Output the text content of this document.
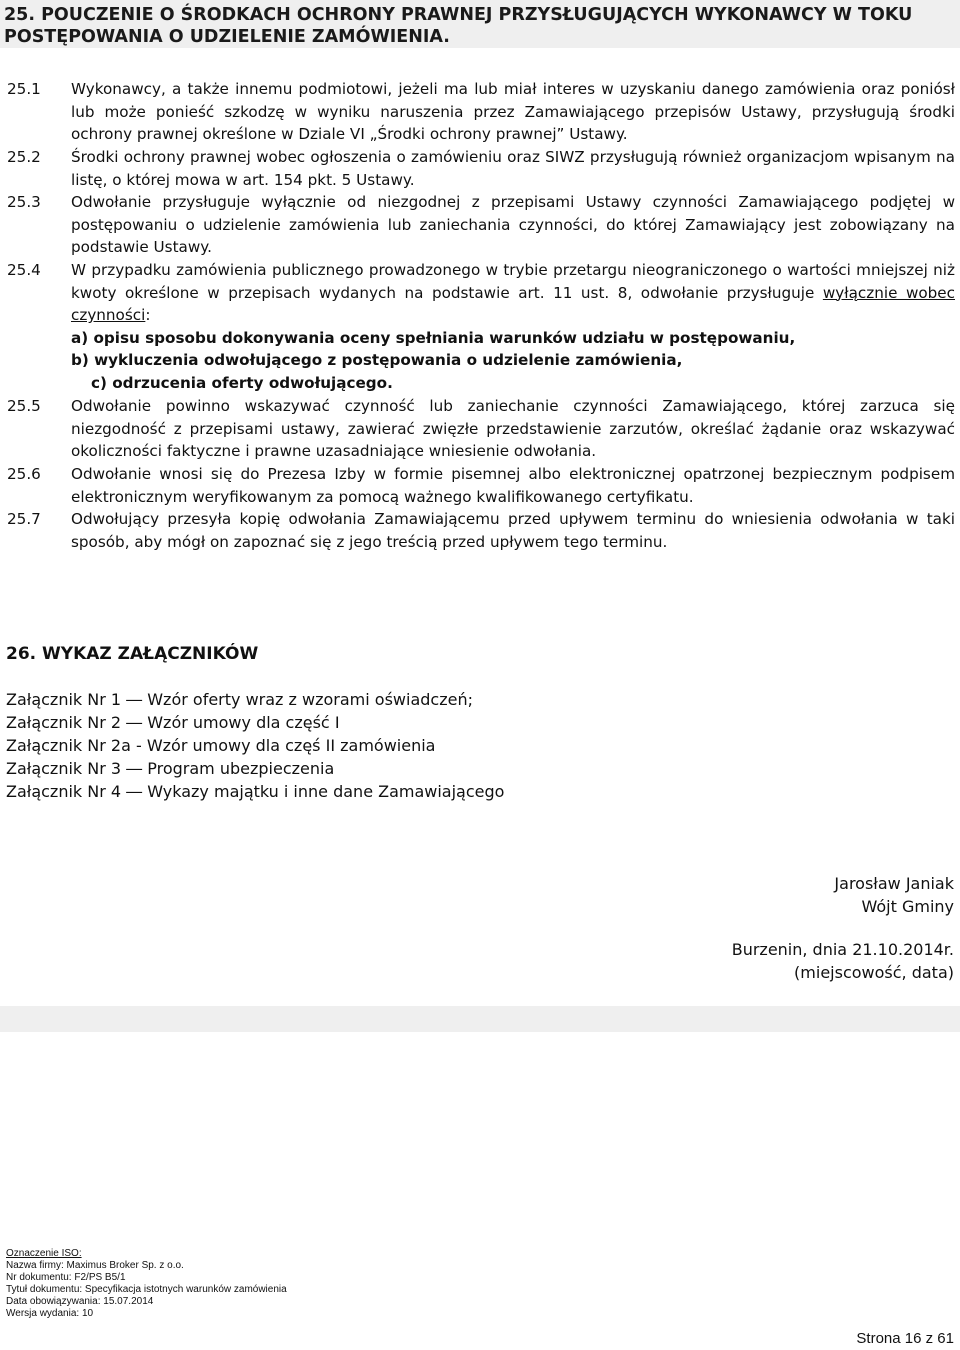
25. POUCZENIE O ŚRODKACH OCHRONY PRAWNEJ PRZYSŁUGUJĄCYCH WYKONAWCY W TOKU
POSTĘPOWANIA O UDZIELENIE ZAMÓWIENIA.
25.1	Wykonawcy, a także innemu podmiotowi, jeżeli ma lub miał interes w uzyskaniu danego zamówienia oraz poniósł lub może ponieść szkodzę w wyniku naruszenia przez Zamawiającego przepisów Ustawy, przysługują środki ochrony prawnej określone w Dziale VI „Środki ochrony prawnej” Ustawy.

25.2	Środki ochrony prawnej wobec ogłoszenia o zamówieniu oraz SIWZ przysługują również organizacjom wpisanym na listę, o której mowa w art. 154 pkt. 5 Ustawy.

25.3	Odwołanie przysługuje wyłącznie od niezgodnej z przepisami Ustawy czynności Zamawiającego podjętej w postępowaniu o udzielenie zamówienia lub zaniechania czynności, do której Zamawiający jest zobowiązany na podstawie Ustawy.

25.4	W przypadku zamówienia publicznego prowadzonego w trybie przetargu nieograniczonego o wartości mniejszej niż kwoty określone w przepisach wydanych na podstawie art. 11 ust. 8, odwołanie przysługuje wyłącznie wobec czynności:

a) opisu sposobu dokonywania oceny spełniania warunków udziału w postępowaniu,
b) wykluczenia odwołującego z postępowania o udzielenie zamówienia,
c) odrzucenia oferty odwołującego.
25.5	Odwołanie powinno wskazywać czynność lub zaniechanie czynności Zamawiającego, której zarzuca się niezgodność z przepisami ustawy, zawierać zwięzłe przedstawienie zarzutów, określać żądanie oraz wskazywać okoliczności faktyczne i prawne uzasadniające wniesienie odwołania.

25.6	Odwołanie wnosi się do Prezesa Izby w formie pisemnej albo elektronicznej opatrzonej bezpiecznym podpisem elektronicznym weryfikowanym za pomocą ważnego kwalifikowanego certyfikatu.

25.7	Odwołujący przesyła kopię odwołania Zamawiającemu przed upływem terminu do wniesienia odwołania w taki sposób, aby mógł on zapoznać się z jego treścią przed upływem tego terminu.

26. WYKAZ ZAŁĄCZNIKÓW
Załącznik Nr 1 ― Wzór oferty wraz z wzorami oświadczeń;
Załącznik Nr 2 ― Wzór umowy dla część I
Załącznik Nr 2a - Wzór umowy dla częś II zamówienia
Załącznik Nr 3 ― Program ubezpieczenia
Załącznik Nr 4 ― Wykazy majątku i inne dane Zamawiającego
Jarosław Janiak
Wójt Gminy
Burzenin, dnia 21.10.2014r.
(miejscowość, data)
Oznaczenie ISO:
Nazwa firmy: Maximus Broker Sp. z o.o.
Nr dokumentu: F2/PS B5/1
Tytuł dokumentu: Specyfikacja istotnych warunków zamówienia
Data obowiązywania: 15.07.2014
Wersja wydania: 10
Strona 16 z 61
